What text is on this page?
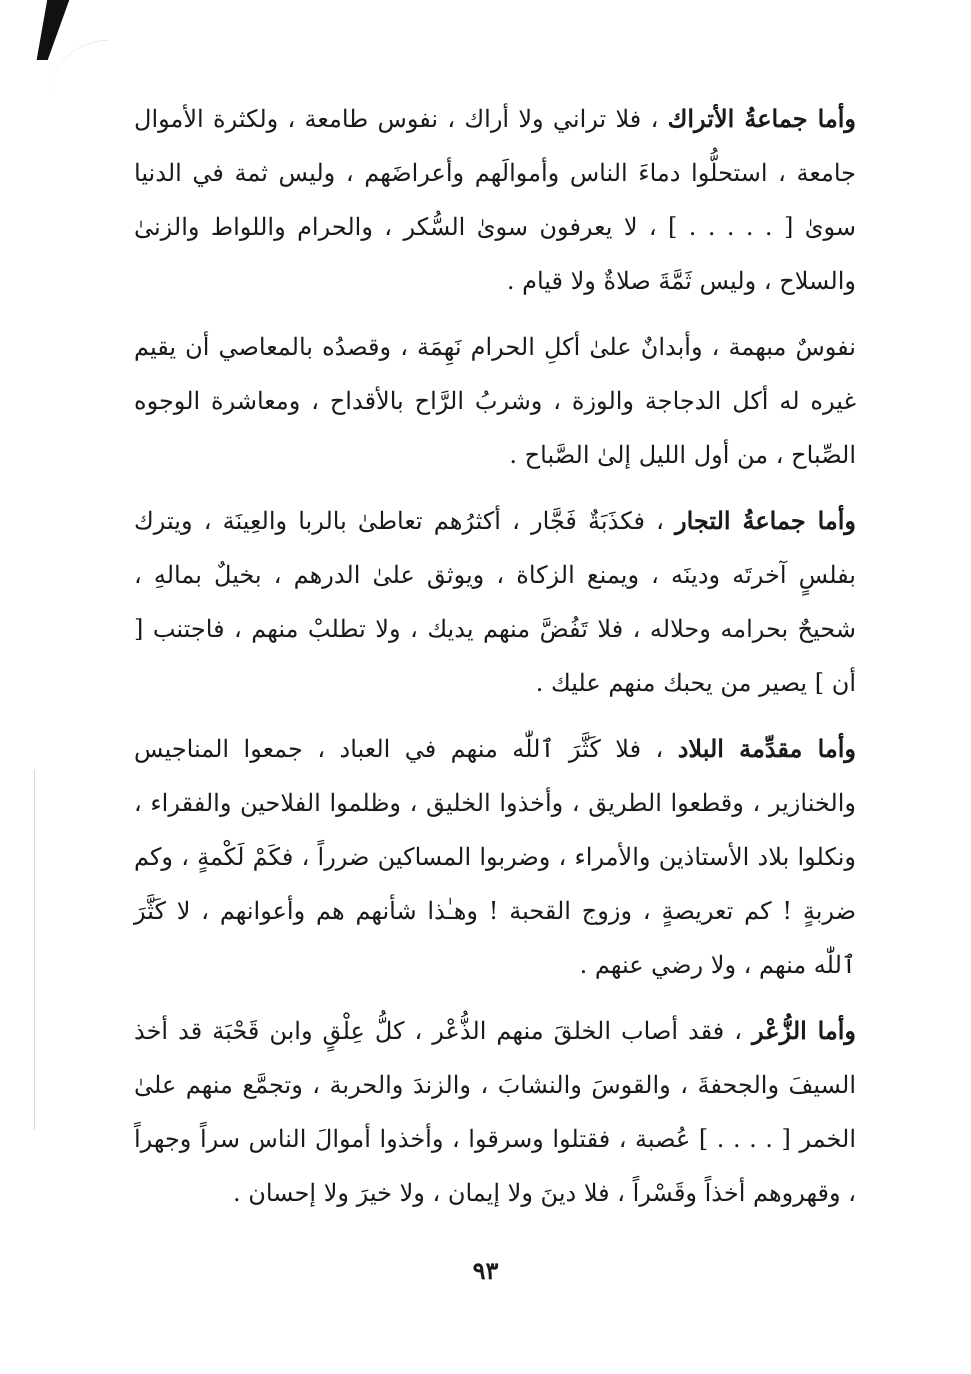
وأما جماعةُ الأتراك ، فلا تراني ولا أراك ، نفوس طامعة ، ولكثرة الأموال جامعة ، استحلُّوا دماءَ الناس وأموالَهم وأعراضَهم ، وليس ثمة في الدنيا سوىٰ [ . . . . . ] ، لا يعرفون سوىٰ السُّكر ، والحرام واللواط والزنىٰ والسلاح ، وليس ثَمَّةَ صلاةٌ ولا قيام .

نفوسٌ مبهمة ، وأبدانٌ علىٰ أكلِ الحرام نَهِمَة ، وقصدُه بالمعاصي أن يقيم غيره له أكل الدجاجة والوزة ، وشربُ الرَّاح بالأقداح ، ومعاشرة الوجوه الصِّباح ، من أول الليل إلىٰ الصَّباح .

وأما جماعةُ التجار ، فكذَبَةٌ فَجَّار ، أكثرُهم تعاطىٰ بالربا والعِينَة ، ويترك بفلسٍ آخرتَه ودينَه ، ويمنع الزكاة ، ويوثق علىٰ الدرهم ، بخيلٌ بمالهِ ، شحيحٌ بحرامه وحلاله ، فلا تَفُضَّ منهم يديك ، ولا تطلبْ منهم ، فاجتنب [ أن ] يصير من يحبك منهم عليك .

وأما مقدِّمة البلاد ، فلا كَثَّرَ ٱللّٰه منهم في العباد ، جمعوا المناجيس والخنازير ، وقطعوا الطريق ، وأخذوا الخليق ، وظلموا الفلاحين والفقراء ، ونكلوا بلاد الأستاذين والأمراء ، وضربوا المساكين ضرراً ، فكَمْ لَكْمةٍ ، وكم ضربةٍ ! كم تعريصةٍ ، وزوج القحبة ! وهـٰذا شأنهم هم وأعوانهم ، لا كَثَّرَ ٱللّٰه منهم ، ولا رضي عنهم .

وأما الزُّعْر ، فقد أصاب الخلقَ منهم الذُّعْر ، كلُّ عِلْقٍ وابن قَحْبَة قد أخذ السيفَ والجحفةَ ، والقوسَ والنشابَ ، والزندَ والحربة ، وتجمَّع منهم علىٰ الخمر [ . . . . ] عُصبة ، فقتلوا وسرقوا ، وأخذوا أموالَ الناس سراً وجهراً ، وقهروهم أخذاً وقَسْراً ، فلا دينَ ولا إيمان ، ولا خيرَ ولا إحسان .

٩٣
